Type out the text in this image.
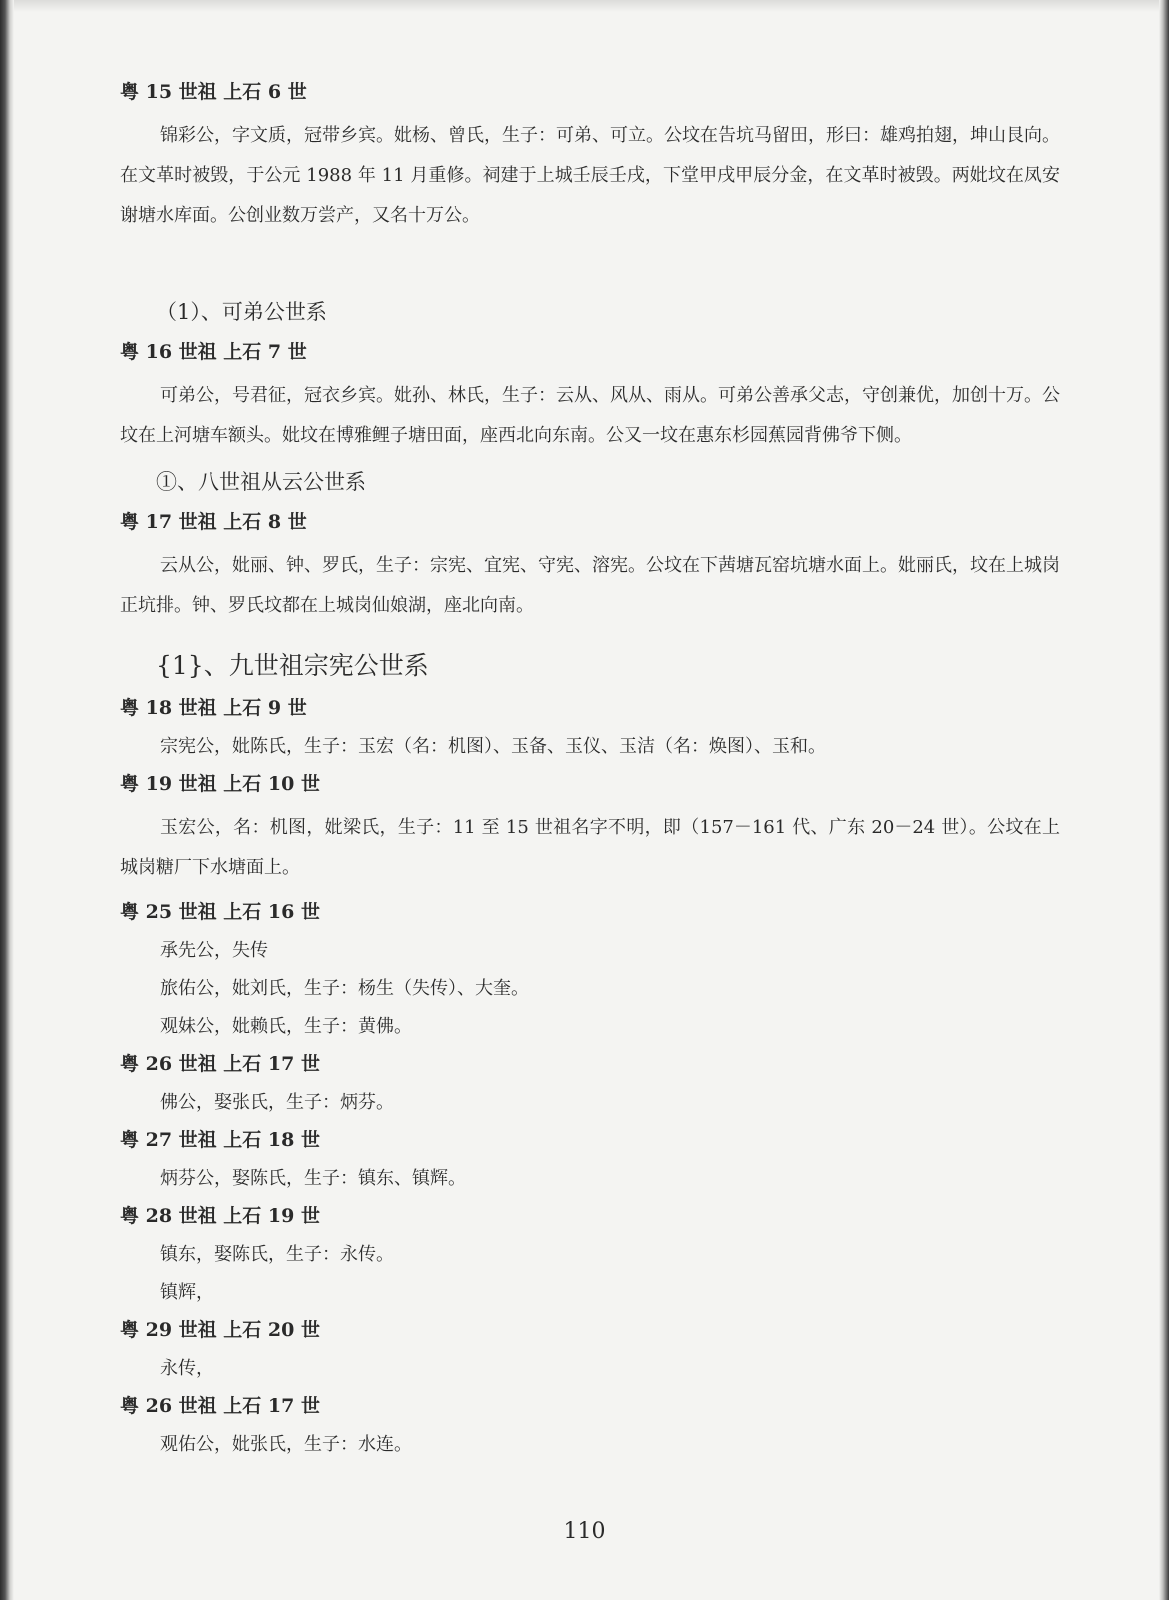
粤 15 世祖 上石 6 世
锦彩公，字文质，冠带乡宾。妣杨、曾氏，生子：可弟、可立。公坟在告坑马留田，形曰：雄鸡拍翅，坤山艮向。在文革时被毁，于公元 1988 年 11 月重修。祠建于上城壬辰壬戌，下堂甲戌甲辰分金，在文革时被毁。两妣坟在凤安谢塘水库面。公创业数万尝产，又名十万公。
（1）、可弟公世系
粤 16 世祖 上石 7 世
可弟公，号君征，冠衣乡宾。妣孙、林氏，生子：云从、风从、雨从。可弟公善承父志，守创兼优，加创十万。公坟在上河塘车额头。妣坟在博雅鲤子塘田面，座西北向东南。公又一坟在惠东杉园蕉园背佛爷下侧。
①、八世祖从云公世系
粤 17 世祖 上石 8 世
云从公，妣丽、钟、罗氏，生子：宗宪、宜宪、守宪、溶宪。公坟在下茜塘瓦窑坑塘水面上。妣丽氏，坟在上城岗正坑排。钟、罗氏坟都在上城岗仙娘湖，座北向南。
{1}、九世祖宗宪公世系
粤 18 世祖 上石 9 世
宗宪公，妣陈氏，生子：玉宏（名：机图）、玉备、玉仪、玉洁（名：焕图）、玉和。
粤 19 世祖 上石 10 世
玉宏公，名：机图，妣梁氏，生子：11 至 15 世祖名字不明，即（157－161 代、广东 20－24 世）。公坟在上城岗糖厂下水塘面上。
粤 25 世祖 上石 16 世
承先公，失传
旅佑公，妣刘氏，生子：杨生（失传）、大奎。
观妹公，妣赖氏，生子：黄佛。
粤 26 世祖 上石 17 世
佛公，娶张氏，生子：炳芬。
粤 27 世祖 上石 18 世
炳芬公，娶陈氏，生子：镇东、镇辉。
粤 28 世祖 上石 19 世
镇东，娶陈氏，生子：永传。
镇辉，
粤 29 世祖 上石 20 世
永传，
粤 26 世祖 上石 17 世
观佑公，妣张氏，生子：水连。
110
